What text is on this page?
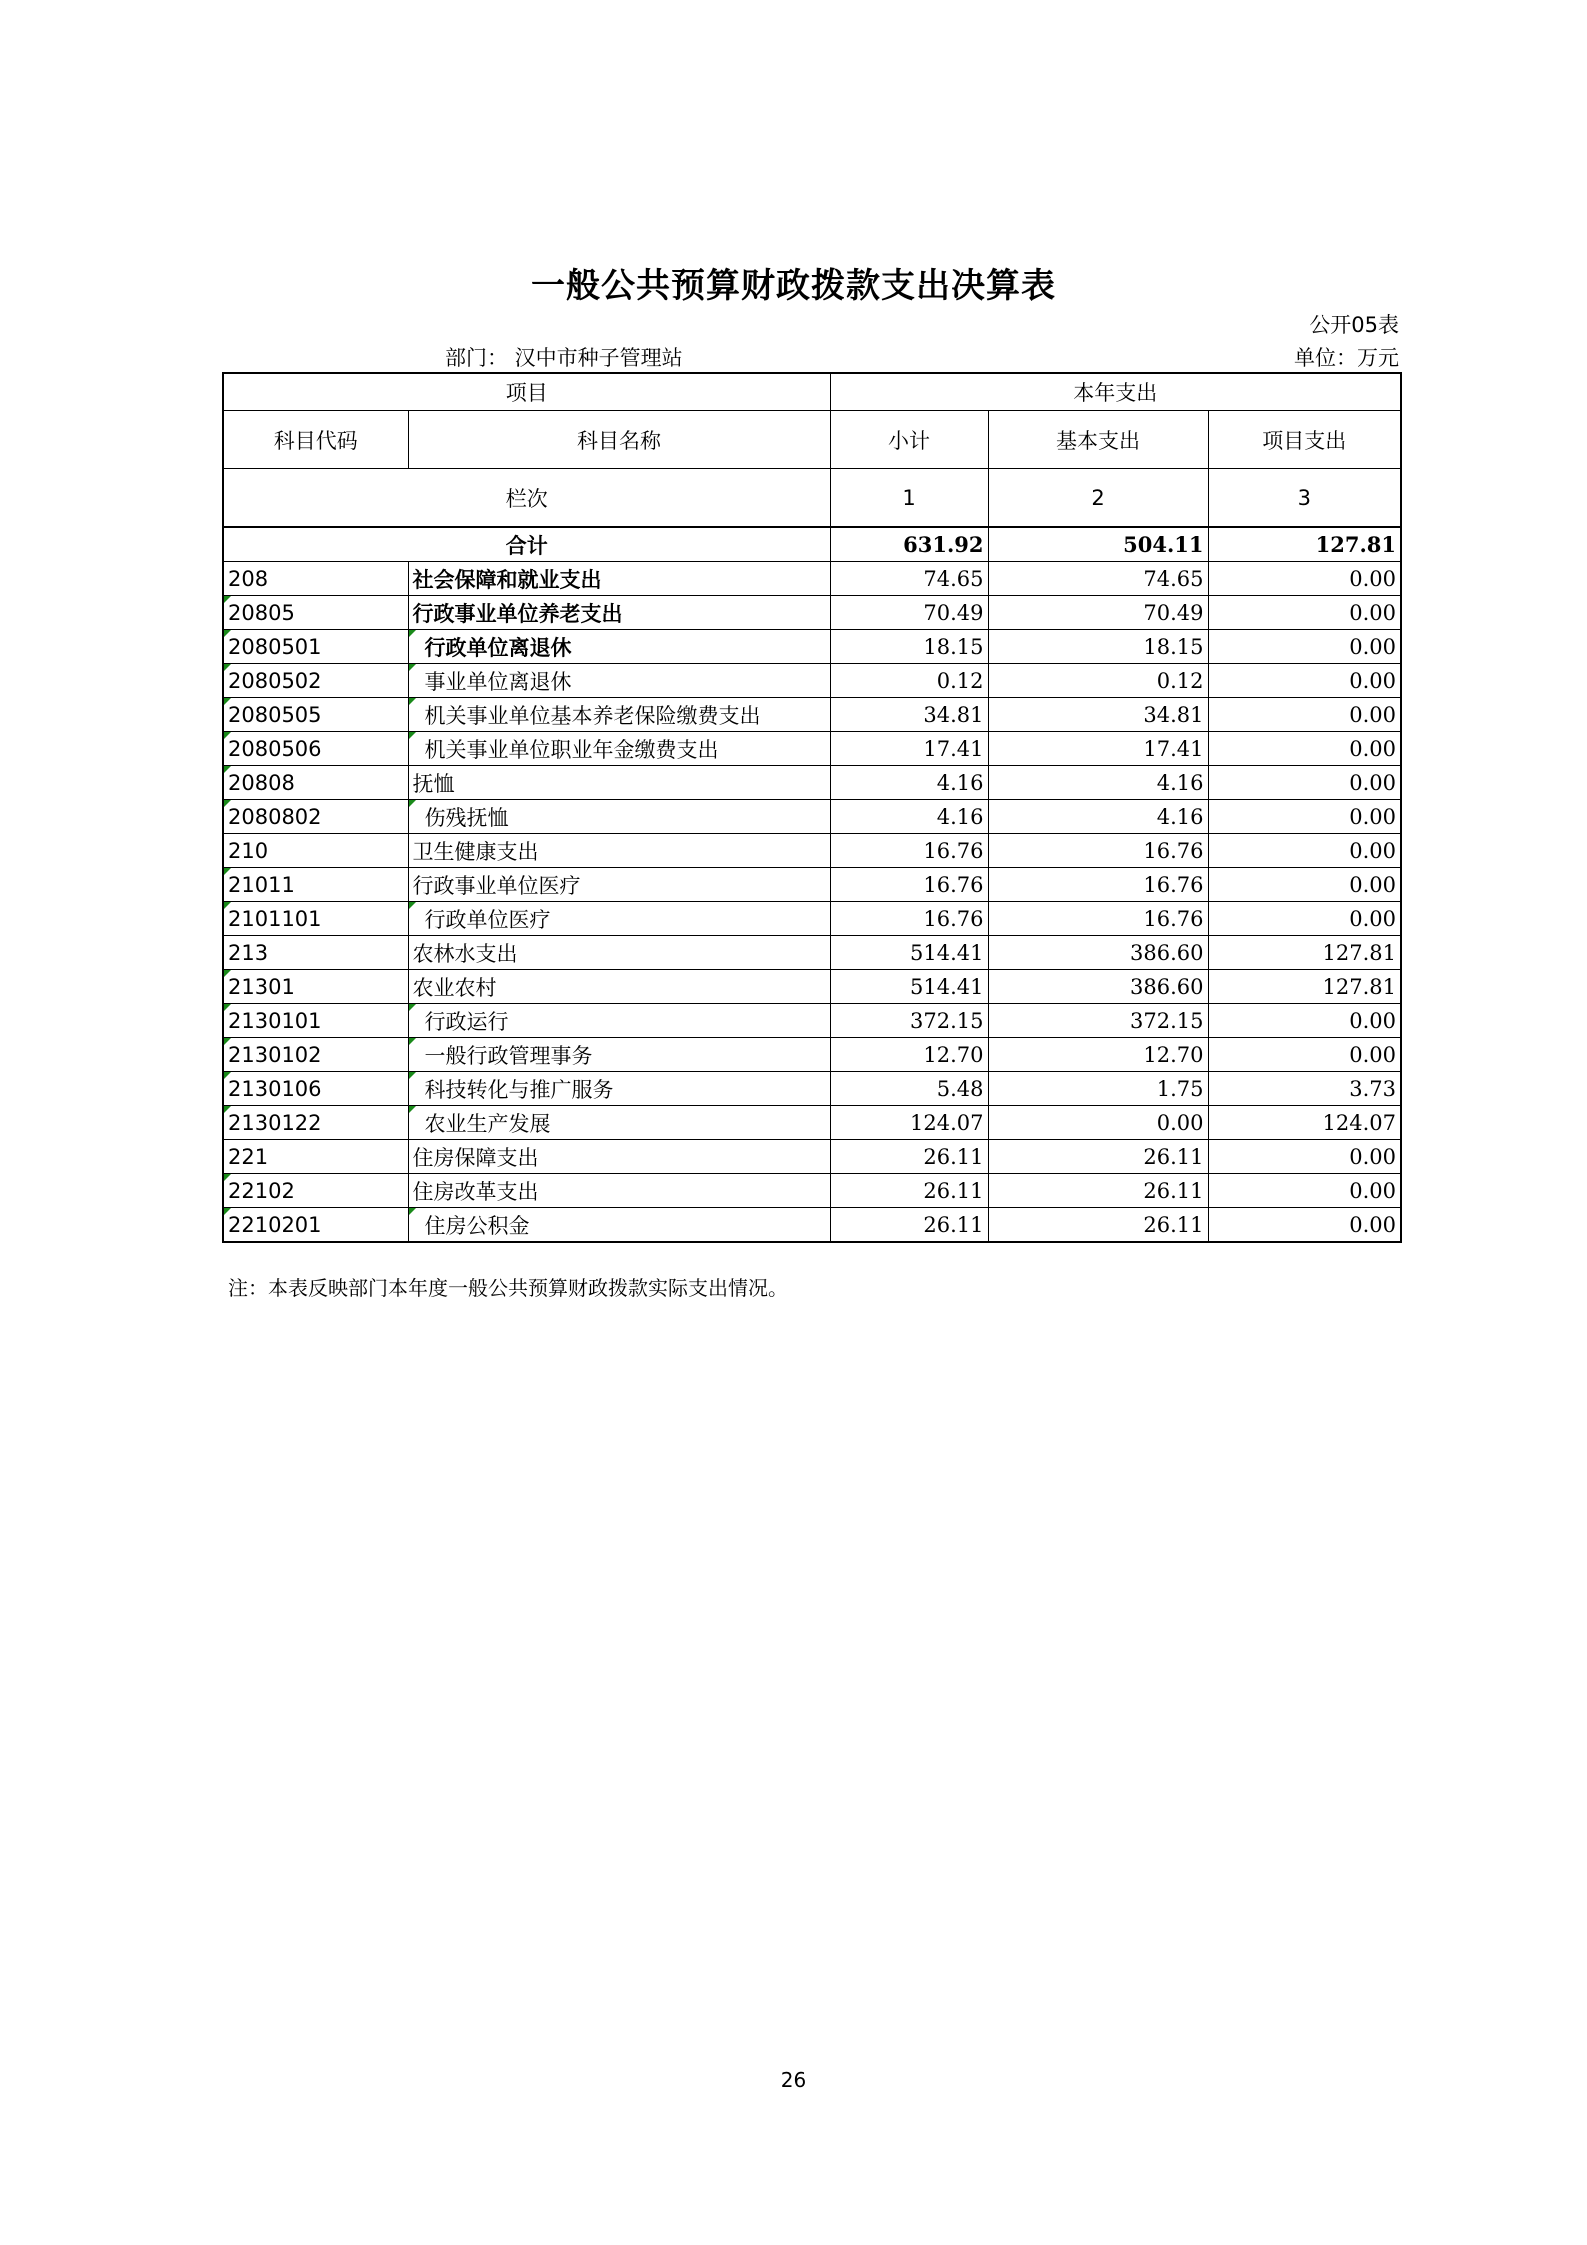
一般公共预算财政拨款支出决算表
公开05表
部门： 汉中市种子管理站	单位：万元
项目		本年支出		
科目代码	科目名称	小计	基本支出	项目支出
栏次		1	2	3
合计		631.92	504.11	127.81
208	社会保障和就业支出	74.65	74.65	0.00

20805	行政事业单位养老支出	70.49	70.49	0.00

2080501	行政单位离退休	18.15	18.15	0.00

2080502	事业单位离退休	0.12	0.12	0.00

2080505	机关事业单位基本养老保险缴费支出	34.81	34.81	0.00

2080506	机关事业单位职业年金缴费支出	17.41	17.41	0.00

20808	抚恤	4.16	4.16	0.00

2080802	伤残抚恤	4.16	4.16	0.00
210	卫生健康支出	16.76	16.76	0.00

21011	行政事业单位医疗	16.76	16.76	0.00

2101101	行政单位医疗	16.76	16.76	0.00
213	农林水支出	514.41	386.60	127.81

21301	农业农村	514.41	386.60	127.81

2130101	行政运行	372.15	372.15	0.00

2130102	一般行政管理事务	12.70	12.70	0.00

2130106	科技转化与推广服务	5.48	1.75	3.73

2130122	农业生产发展	124.07	0.00	124.07
221	住房保障支出	26.11	26.11	0.00

22102	住房改革支出	26.11	26.11	0.00

2210201	住房公积金	26.11	26.11	0.00
注：本表反映部门本年度一般公共预算财政拨款实际支出情况。
26
